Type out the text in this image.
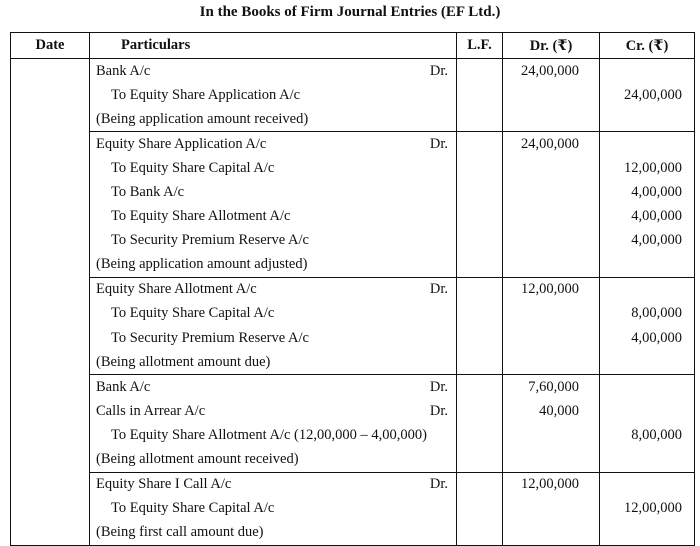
In the Books of Firm Journal Entries (EF Ltd.)
Date	Particulars	L.F.	Dr. (₹)	Cr. (₹)
	Bank A/c Dr.		24,00,000	
	To Equity Share Application A/c			24,00,000
	(Being application amount received)			
	Equity Share Application A/c Dr.		24,00,000	
	To Equity Share Capital A/c			12,00,000
	To Bank A/c			4,00,000
	To Equity Share Allotment A/c			4,00,000
	To Security Premium Reserve A/c			4,00,000
	(Being application amount adjusted)			
	Equity Share Allotment A/c Dr.		12,00,000	
	To Equity Share Capital A/c			8,00,000
	To Security Premium Reserve A/c			4,00,000
	(Being allotment amount due)			
	Bank A/c Dr.		7,60,000	
	Calls in Arrear A/c Dr.		40,000	
	To Equity Share Allotment A/c (12,00,000 – 4,00,000)			8,00,000
	(Being allotment amount received)			
	Equity Share I Call A/c Dr.		12,00,000	
	To Equity Share Capital A/c			12,00,000
	(Being first call amount due)			
